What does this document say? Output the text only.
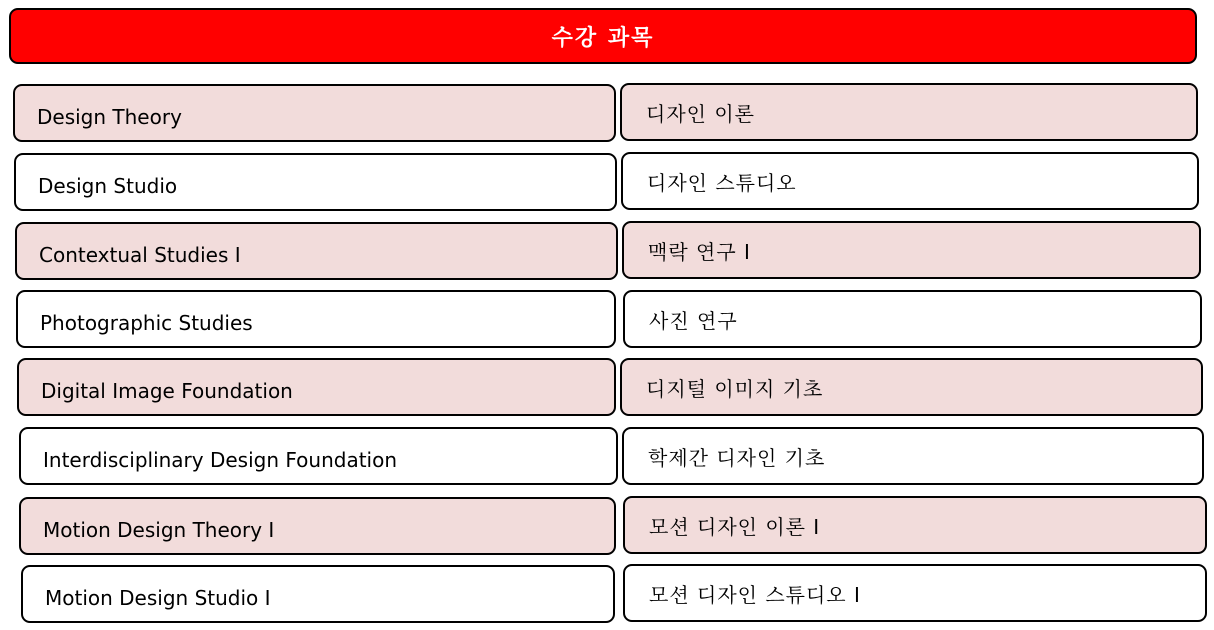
수강 과목
Design Theory	디자인 이론
Design Studio	디자인 스튜디오
Contextual Studies I	맥락 연구 I
Photographic Studies	사진 연구
Digital Image Foundation	디지털 이미지 기초
Interdisciplinary Design Foundation	학제간 디자인 기초
Motion Design Theory I	모션 디자인 이론 I
Motion Design Studio I	모션 디자인 스튜디오 I
